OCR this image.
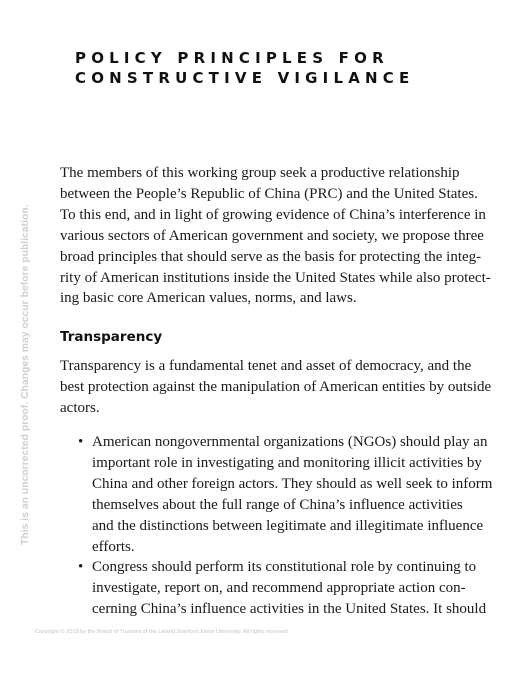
POLICY PRINCIPLES FOR
CONSTRUCTIVE VIGILANCE
This is an uncorrected proof. Changes may occur before publication.

The members of this working group seek a productive relationship
between the People’s Republic of China (PRC) and the United States.
To this end, and in light of growing evidence of China’s interference in
various sectors of American government and society, we propose three
broad principles that should serve as the basis for protecting the integ-
rity of American institutions inside the United States while also protect-
ing basic core American values, norms, and laws.

Transparency

Transparency is a fundamental tenet and asset of democracy, and the
best protection against the manipulation of American entities by outside
actors.

• American nongovernmental organizations (NGOs) should play an
important role in investigating and monitoring illicit activities by
China and other foreign actors. They should as well seek to inform
themselves about the full range of China’s influence activities
and the distinctions between legitimate and illegitimate influence
efforts.
• Congress should perform its constitutional role by continuing to
investigate, report on, and recommend appropriate action con-
cerning China’s influence activities in the United States. It should
Copyright © 2018 by the Board of Trustees of the Leland Stanford Junior University. All rights reserved.
